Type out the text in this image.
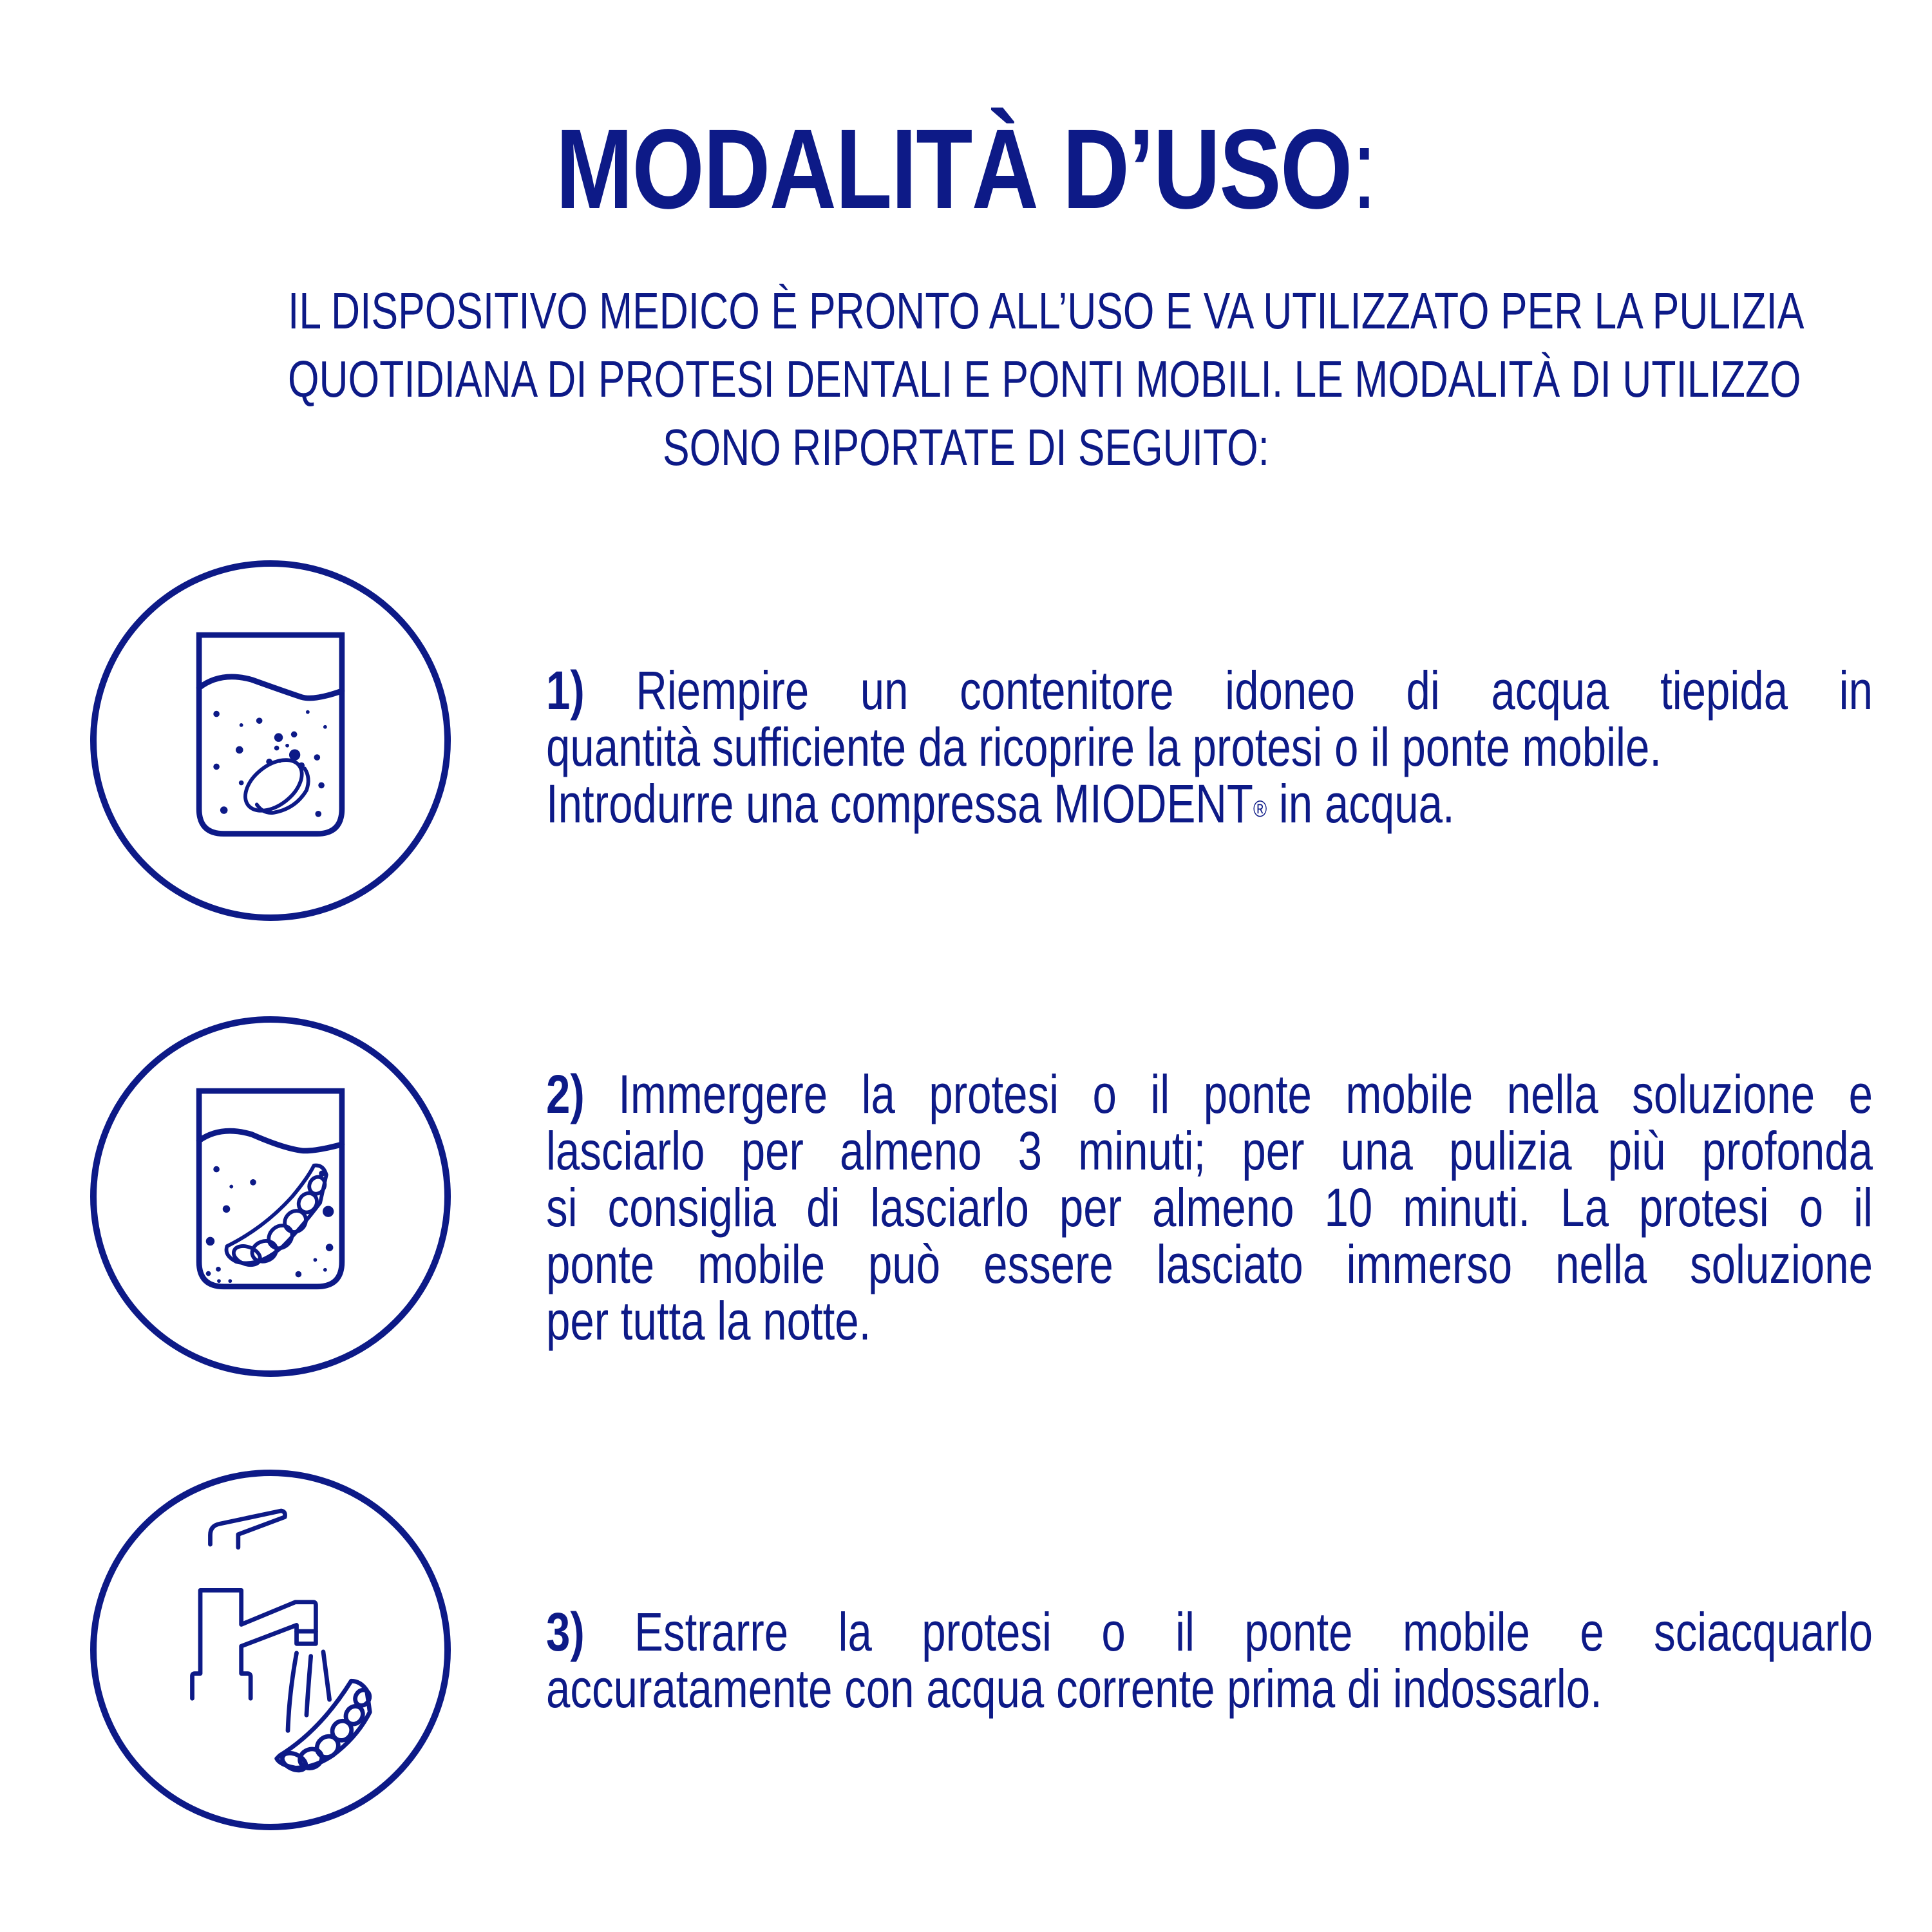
MODALITÀ D’USO:
IL DISPOSITIVO MEDICO È PRONTO ALL’USO E VA UTILIZZATO PER LA PULIZIA
QUOTIDIANA DI PROTESI DENTALI E PONTI MOBILI. LE MODALITÀ DI UTILIZZO
SONO RIPORTATE DI SEGUITO:
1) Riempire un contenitore idoneo di acqua tiepida in
quantità sufficiente da ricoprire la protesi o il ponte mobile.
Introdurre una compressa MIODENT® in acqua.
2) Immergere la protesi o il ponte mobile nella soluzione e
lasciarlo per almeno 3 minuti; per una pulizia più profonda
si consiglia di lasciarlo per almeno 10 minuti. La protesi o il
ponte mobile può essere lasciato immerso nella soluzione
per tutta la notte.
3) Estrarre la protesi o il ponte mobile e sciacquarlo
accuratamente con acqua corrente prima di indossarlo.
